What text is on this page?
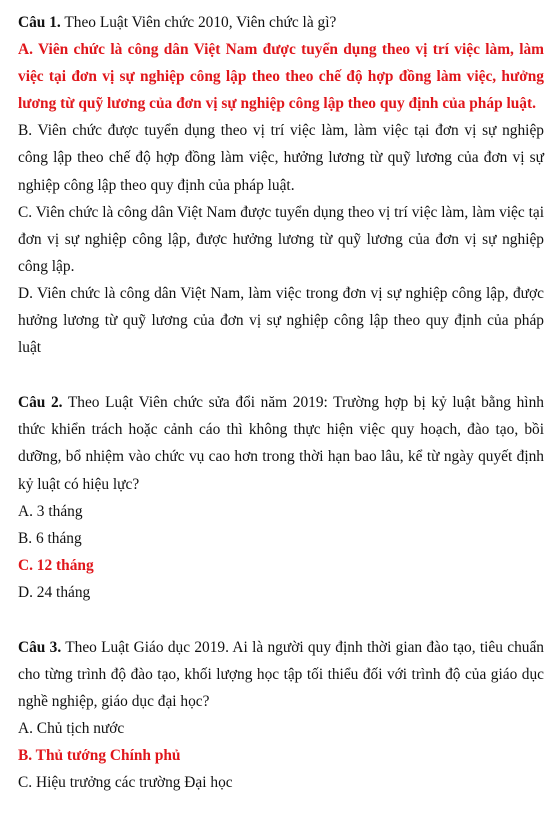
Câu 1. Theo Luật Viên chức 2010, Viên chức là gì?
A. Viên chức là công dân Việt Nam được tuyển dụng theo vị trí việc làm, làm việc tại đơn vị sự nghiệp công lập theo theo chế độ hợp đồng làm việc, hưởng lương từ quỹ lương của đơn vị sự nghiệp công lập theo quy định của pháp luật.
B. Viên chức được tuyển dụng theo vị trí việc làm, làm việc tại đơn vị sự nghiệp công lập theo chế độ hợp đồng làm việc, hưởng lương từ quỹ lương của đơn vị sự nghiệp công lập theo quy định của pháp luật.
C. Viên chức là công dân Việt Nam được tuyển dụng theo vị trí việc làm, làm việc tại đơn vị sự nghiệp công lập, được hưởng lương từ quỹ lương của đơn vị sự nghiệp công lập.
D. Viên chức là công dân Việt Nam, làm việc trong đơn vị sự nghiệp công lập, được hưởng lương từ quỹ lương của đơn vị sự nghiệp công lập theo quy định của pháp luật
Câu 2. Theo Luật Viên chức sửa đổi năm 2019: Trường hợp bị kỷ luật bằng hình thức khiển trách hoặc cảnh cáo thì không thực hiện việc quy hoạch, đào tạo, bồi dưỡng, bổ nhiệm vào chức vụ cao hơn trong thời hạn bao lâu, kể từ ngày quyết định kỷ luật có hiệu lực?
A. 3 tháng
B. 6 tháng
C. 12 tháng
D. 24 tháng
Câu 3. Theo Luật Giáo dục 2019. Ai là người quy định thời gian đào tạo, tiêu chuẩn cho từng trình độ đào tạo, khối lượng học tập tối thiểu đối với trình độ của giáo dục nghề nghiệp, giáo dục đại học?
A. Chủ tịch nước
B. Thủ tướng Chính phủ
C. Hiệu trưởng các trường Đại học
